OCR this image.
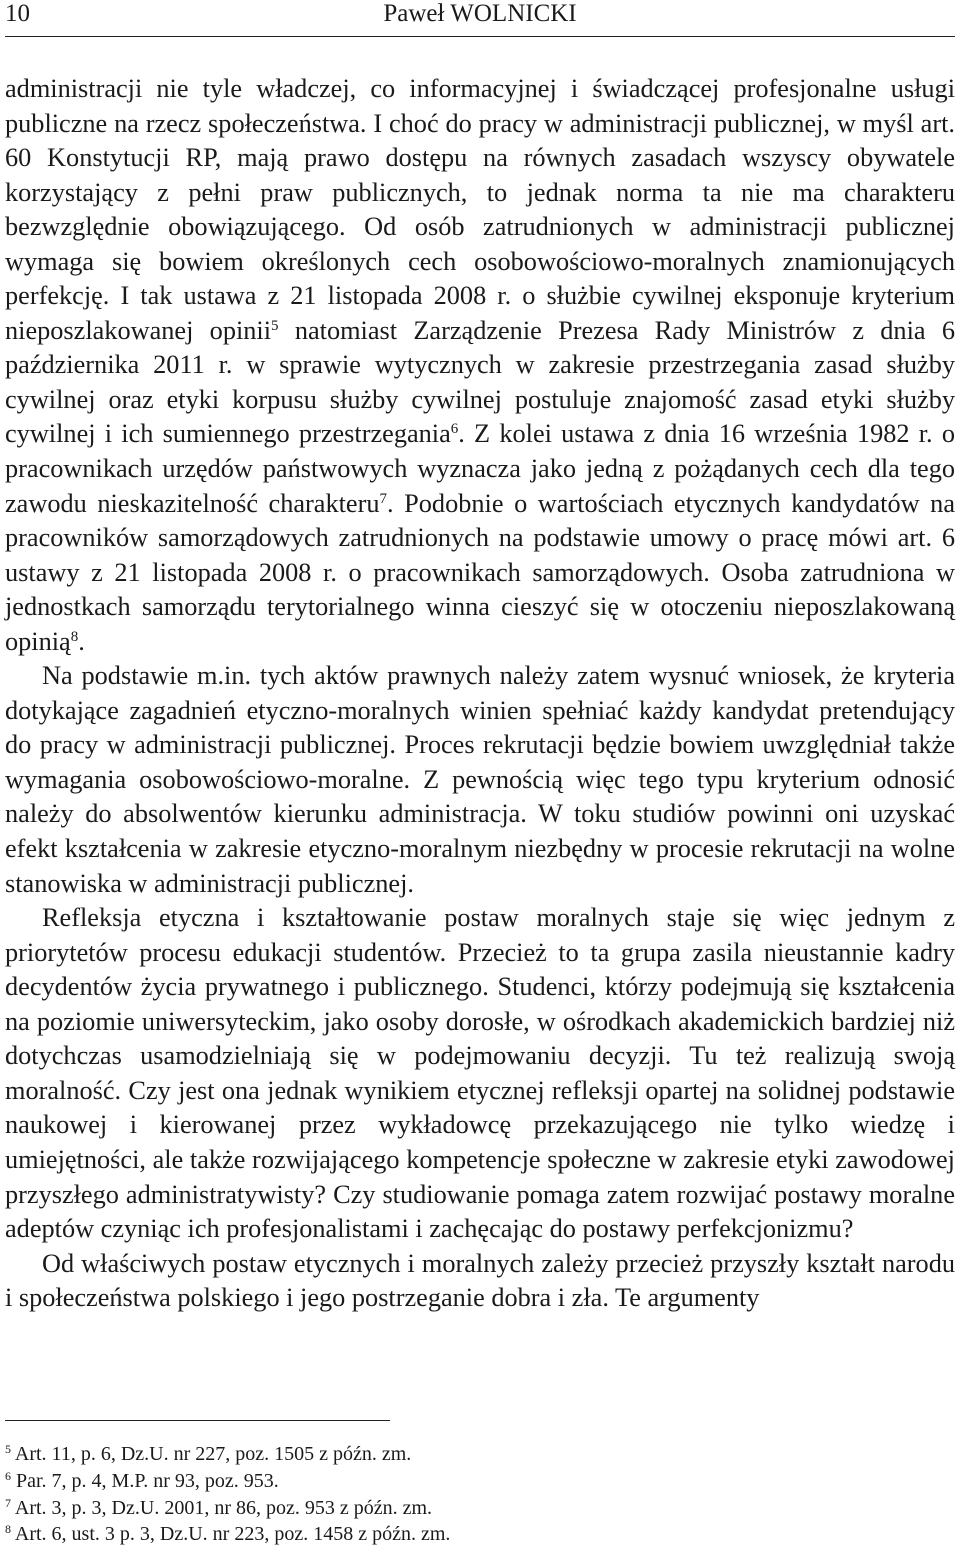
10	Paweł WOLNICKI

administracji nie tyle władczej, co informacyjnej i świadczącej profesjonalne usługi publiczne na rzecz społeczeństwa. I choć do pracy w administracji publicznej, w myśl art. 60 Konstytucji RP, mają prawo dostępu na równych zasadach wszyscy obywatele korzystający z pełni praw publicznych, to jednak norma ta nie ma charakteru bezwzględnie obowiązującego. Od osób zatrudnionych w administracji publicznej wymaga się bowiem określonych cech osobowościowo-moralnych znamionujących perfekcję. I tak ustawa z 21 listopada 2008 r. o służbie cywilnej eksponuje kryterium nieposzlakowanej opinii$^5$ natomiast Zarządzenie Prezesa Rady Ministrów z dnia 6 października 2011 r. w sprawie wytycznych w zakresie przestrzegania zasad służby cywilnej oraz etyki korpusu służby cywilnej postuluje znajomość zasad etyki służby cywilnej i ich sumiennego przestrzegania$^6$. Z kolei ustawa z dnia 16 września 1982 r. o pracownikach urzędów państwowych wyznacza jako jedną z pożądanych cech dla tego zawodu nieskazitelność charakteru$^7$. Podobnie o wartościach etycznych kandydatów na pracowników samorządowych zatrudnionych na podstawie umowy o pracę mówi art. 6 ustawy z 21 listopada 2008 r. o pracownikach samorządowych. Osoba zatrudniona w jednostkach samorządu terytorialnego winna cieszyć się w otoczeniu nieposzlakowaną opinią$^8$.

Na podstawie m.in. tych aktów prawnych należy zatem wysnuć wniosek, że kryteria dotykające zagadnień etyczno-moralnych winien spełniać każdy kandydat pretendujący do pracy w administracji publicznej. Proces rekrutacji będzie bowiem uwzględniał także wymagania osobowościowo-moralne. Z pewnością więc tego typu kryterium odnosić należy do absolwentów kierunku administracja. W toku studiów powinni oni uzyskać efekt kształcenia w zakresie etyczno-moralnym niezbędny w procesie rekrutacji na wolne stanowiska w administracji publicznej.

Refleksja etyczna i kształtowanie postaw moralnych staje się więc jednym z priorytetów procesu edukacji studentów. Przecież to ta grupa zasila nieustannie kadry decydentów życia prywatnego i publicznego. Studenci, którzy podejmują się kształcenia na poziomie uniwersyteckim, jako osoby dorosłe, w ośrodkach akademickich bardziej niż dotychczas usamodzielniają się w podejmowaniu decyzji. Tu też realizują swoją moralność. Czy jest ona jednak wynikiem etycznej refleksji opartej na solidnej podstawie naukowej i kierowanej przez wykładowcę przekazującego nie tylko wiedzę i umiejętności, ale także rozwijającego kompetencje społeczne w zakresie etyki zawodowej przyszłego administratywisty? Czy studiowanie pomaga zatem rozwijać postawy moralne adeptów czyniąc ich profesjonalistami i zachęcając do postawy perfekcjonizmu?

Od właściwych postaw etycznych i moralnych zależy przecież przyszły kształt narodu i społeczeństwa polskiego i jego postrzeganie dobra i zła. Te argumenty

$^5$ Art. 11, p. 6, Dz.U. nr 227, poz. 1505 z późn. zm.
$^6$ Par. 7, p. 4, M.P. nr 93, poz. 953.
$^7$ Art. 3, p. 3, Dz.U. 2001, nr 86, poz. 953 z późn. zm.
$^8$ Art. 6, ust. 3 p. 3, Dz.U. nr 223, poz. 1458 z późn. zm.
